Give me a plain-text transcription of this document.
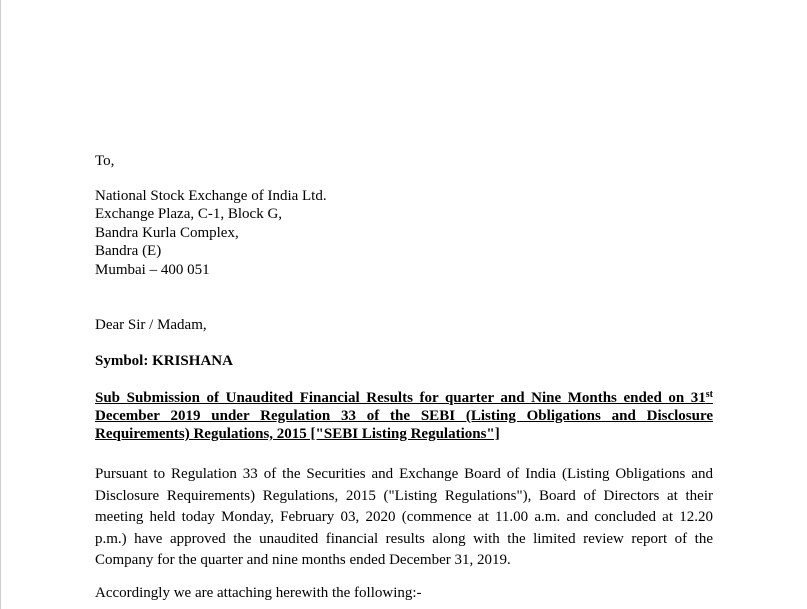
To,
National Stock Exchange of India Ltd.
Exchange Plaza, C-1, Block G,
Bandra Kurla Complex,
Bandra (E)
Mumbai – 400 051
Dear Sir / Madam,
Symbol: KRISHANA
Sub Submission of Unaudited Financial Results for quarter and Nine Months ended on 31st December 2019 under Regulation 33 of the SEBI (Listing Obligations and Disclosure Requirements) Regulations, 2015 ["SEBI Listing Regulations"]
Pursuant to Regulation 33 of the Securities and Exchange Board of India (Listing Obligations and Disclosure Requirements) Regulations, 2015 ("Listing Regulations"), Board of Directors at their meeting held today Monday, February 03, 2020 (commence at 11.00 a.m. and concluded at 12.20 p.m.) have approved the unaudited financial results along with the limited review report of the Company for the quarter and nine months ended December 31, 2019.
Accordingly we are attaching herewith the following:-
